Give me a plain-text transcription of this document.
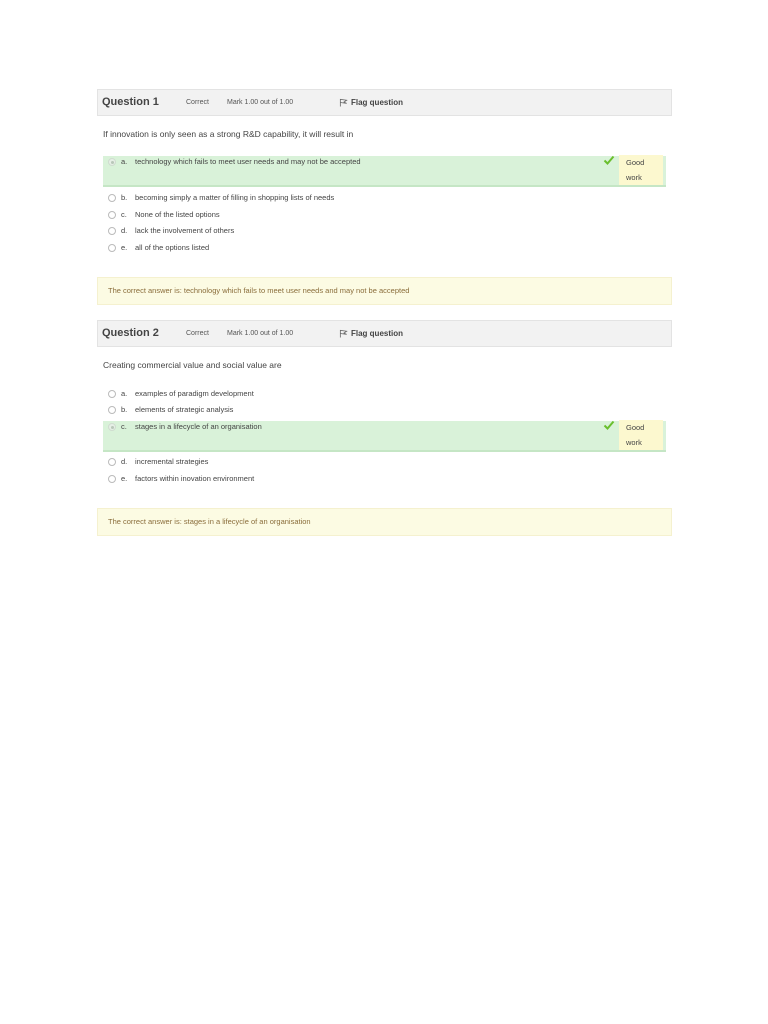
Question 1	Correct	Mark 1.00 out of 1.00	Flag question
If innovation is only seen as a strong R&D capability, it will result in
a. technology which fails to meet user needs and may not be accepted	Good
work
b. becoming simply a matter of filling in shopping lists of needs
c. None of the listed options
d. lack the involvement of others
e. all of the options listed
The correct answer is: technology which fails to meet user needs and may not be accepted
Question 2	Correct	Mark 1.00 out of 1.00	Flag question
Creating commercial value and social value are
a. examples of paradigm development
b. elements of strategic analysis
c. stages in a lifecycle of an organisation	Good
work
d. incremental strategies
e. factors within inovation environment
The correct answer is: stages in a lifecycle of an organisation
